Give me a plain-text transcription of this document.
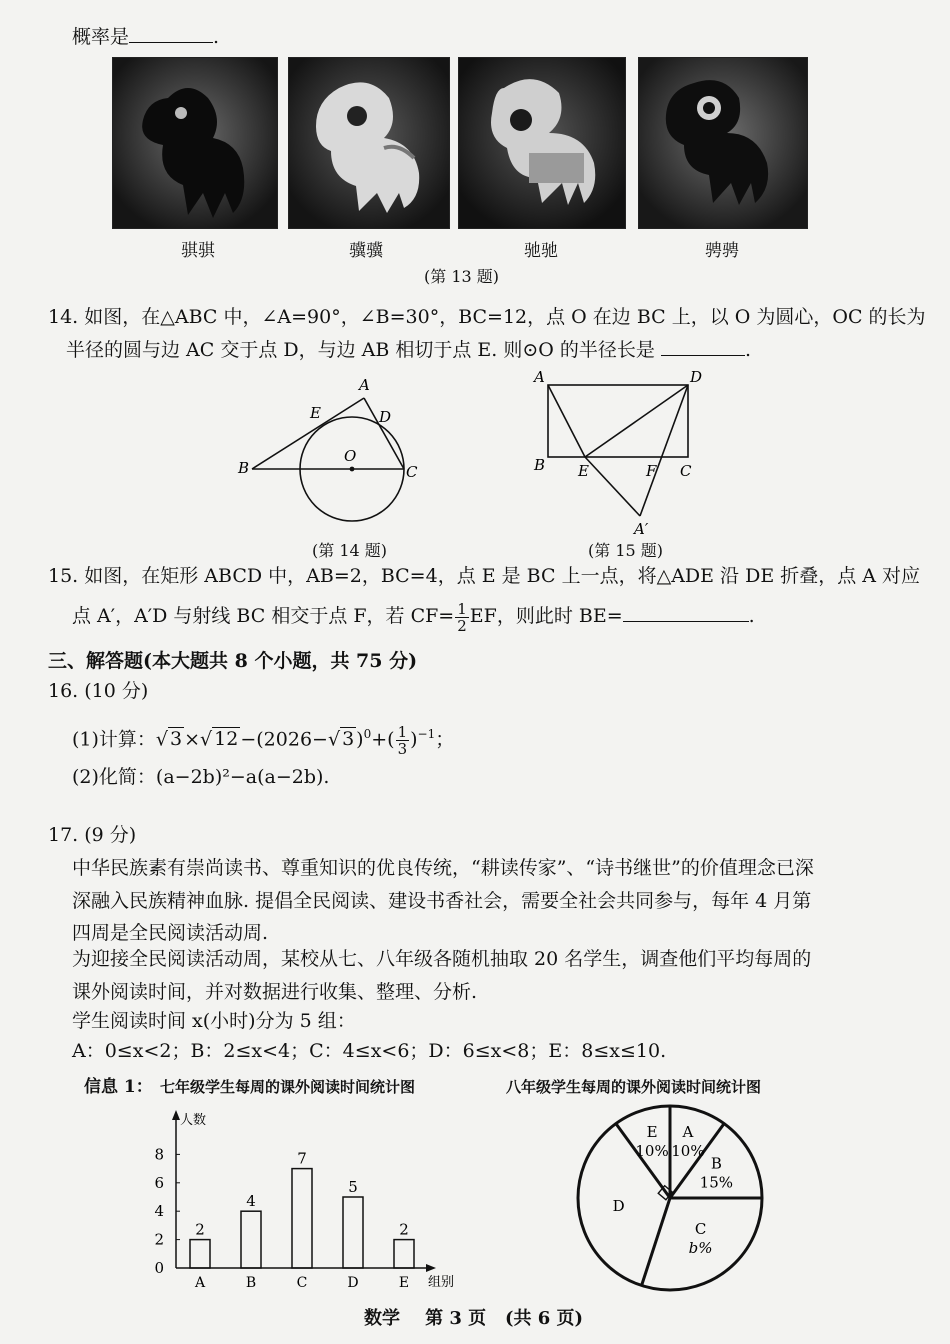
概率是	.
骐骐	骥骥	驰驰	骋骋
(第 13 题)
14. 如图，在△ABC 中，∠A=90°，∠B=30°，BC=12，点 O 在边 BC 上，以 O 为圆心，OC 的长为
半径的圆与边 AC 交于点 D，与边 AB 相切于点 E. 则⊙O 的半径长是	.
A
B	C
D
E
O
(第 14 题)
A	D
B	C
E	F
A′
(第 15 题)
15. 如图，在矩形 ABCD 中，AB=2，BC=4，点 E 是 BC 上一点，将△ADE 沿 DE 折叠，点 A 对应
点 A′，A′D 与射线 BC 相交于点 F，若 $CF= \frac{1}{2}$ EF，则此时 BE=	.
三、解答题(本大题共 8 个小题，共 75 分)
16. (10 分)
(1)计算：√ 3 ×√ 12 −(2026−√ 3 )$^0+( \frac{1}{3} )^{-1}$；
(2)化简：(a−2b)²−a(a−2b).
17. (9 分)
中华民族素有崇尚读书、尊重知识的优良传统，“耕读传家”、“诗书继世”的价值理念已深
深融入民族精神血脉. 提倡全民阅读、建设书香社会，需要全社会共同参与，每年 4 月第
四周是全民阅读活动周.
为迎接全民阅读活动周，某校从七、八年级各随机抽取 20 名学生，调查他们平均每周的
课外阅读时间，并对数据进行收集、整理、分析.
学生阅读时间 x(小时)分为 5 组：
A：0≤x<2；B：2≤x<4；C：4≤x<6；D：6≤x<8；E：8≤x≤10.
信息 1： 七年级学生每周的课外阅读时间统计图	八年级学生每周的课外阅读时间统计图
人数
组别
0
2
4
6
8
2
A
4
B
7
C
5
D
2
E
A
10%
B
15%
C
b%
D
E
10%
数学 第 3 页 (共 6 页)
